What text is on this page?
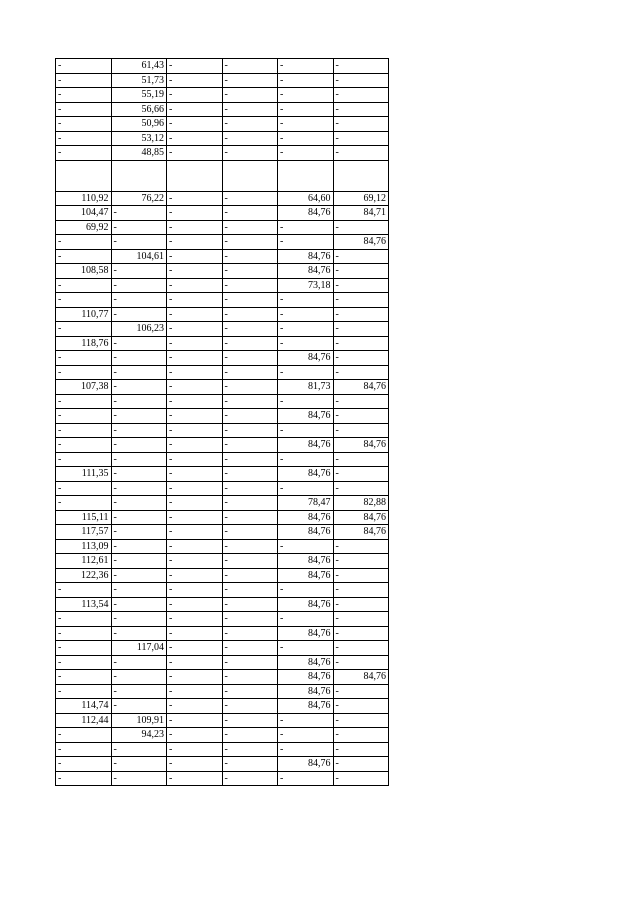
-	61,43	-	-	-	-
-	51,73	-	-	-	-
-	55,19	-	-	-	-
-	56,66	-	-	-	-
-	50,96	-	-	-	-
-	53,12	-	-	-	-
-	48,85	-	-	-	-

110,92	76,22	-	-	64,60	69,12
104,47	-	-	-	84,76	84,71
69,92	-	-	-	-	-
-	-	-	-	-	84,76
-	104,61	-	-	84,76	-
108,58	-	-	-	84,76	-
-	-	-	-	73,18	-
-	-	-	-	-	-
110,77	-	-	-	-	-
-	106,23	-	-	-	-
118,76	-	-	-	-	-
-	-	-	-	84,76	-
-	-	-	-	-	-
107,38	-	-	-	81,73	84,76
-	-	-	-	-	-
-	-	-	-	84,76	-
-	-	-	-	-	-
-	-	-	-	84,76	84,76
-	-	-	-	-	-
111,35	-	-	-	84,76	-
-	-	-	-	-	-
-	-	-	-	78,47	82,88
115,11	-	-	-	84,76	84,76
117,57	-	-	-	84,76	84,76
113,09	-	-	-	-	-
112,61	-	-	-	84,76	-
122,36	-	-	-	84,76	-
-	-	-	-	-	-
113,54	-	-	-	84,76	-
-	-	-	-	-	-
-	-	-	-	84,76	-
-	117,04	-	-	-	-
-	-	-	-	84,76	-
-	-	-	-	84,76	84,76
-	-	-	-	84,76	-
114,74	-	-	-	84,76	-
112,44	109,91	-	-	-	-
-	94,23	-	-	-	-
-	-	-	-	-	-
-	-	-	-	84,76	-
-	-	-	-	-	-
